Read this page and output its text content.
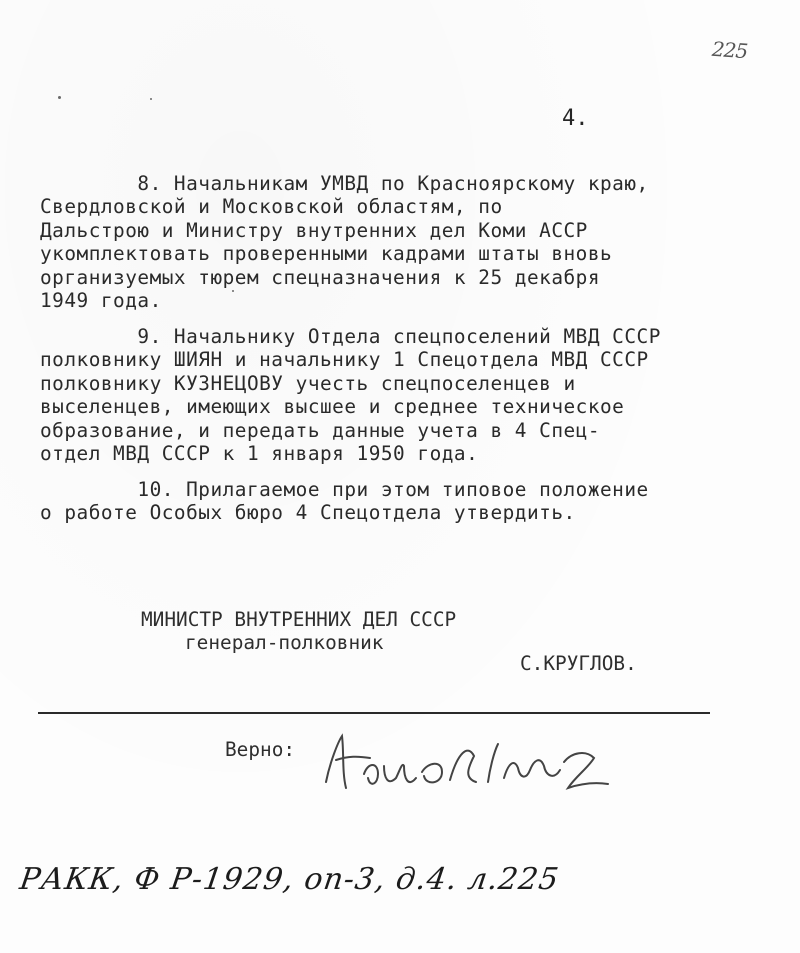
225
4.

8. Начальникам УМВД по Красноярскому краю,
Свердловской и Московской областям, по
Дальстрою и Министру внутренних дел Коми АССР
укомплектовать проверенными кадрами штаты вновь
организуемых тюрем спецназначения к 25 декабря
1949 года.

9. Начальнику Отдела спецпоселений МВД СССР
полковнику ШИЯН и начальнику 1 Спецотдела МВД СССР
полковнику КУЗНЕЦОВУ учесть спецпоселенцев и
выселенцев, имеющих высшее и среднее техническое
образование, и передать данные учета в 4 Спец-
отдел МВД СССР к 1 января 1950 года.

10. Прилагаемое при этом типовое положение
о работе Особых бюро 4 Спецотдела утвердить.

МИНИСТР ВНУТРЕННИХ ДЕЛ СССР
генерал-полковник
С.КРУГЛОВ.
Верно:
РАКК, Ф Р-1929, оп-3, д.4. л.225
